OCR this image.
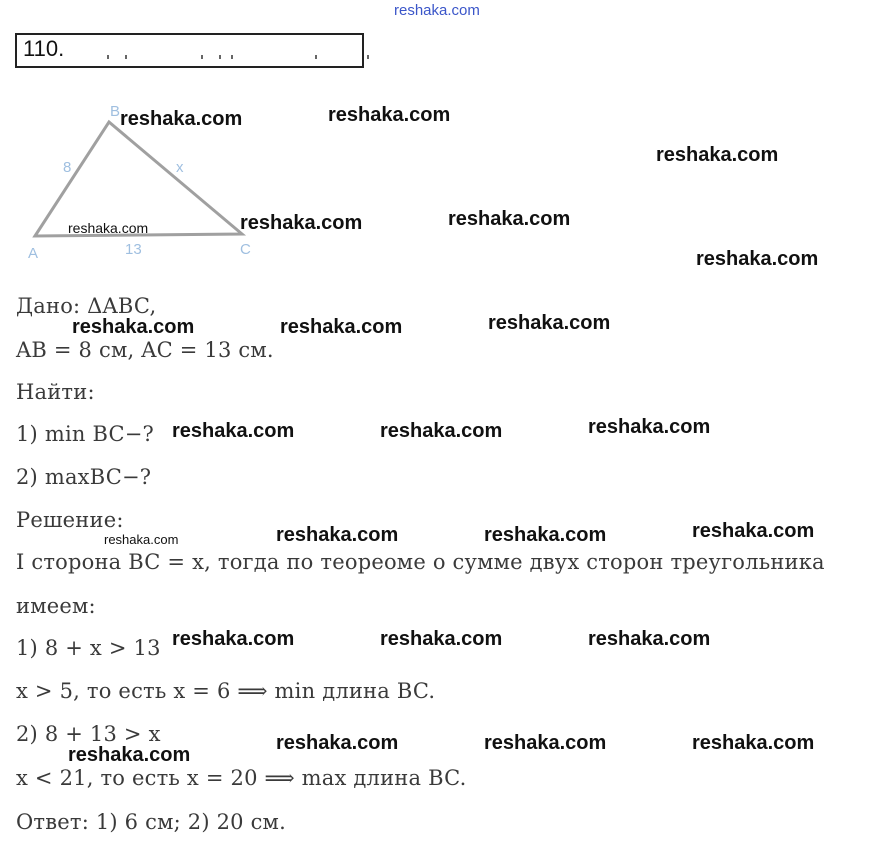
reshaka.com
110.
A
B
C
8	x
13
reshaka.com
Дано: ΔABC,
AB = 8 см, AC = 13 см.
Найти:
1) min BC−?
2) maxBC−?
Решение:
I сторона BC = x, тогда по теореоме о сумме двух сторон треугольника
имеем:
1) 8 + x > 13
x > 5, то есть x = 6 ⟹ min длина BC.
2) 8 + 13 > x
x < 21, то есть x = 20 ⟹ max длина BC.
Ответ: 1) 6 см; 2) 20 см.
reshaka.com	reshaka.com
reshaka.com
reshaka.com	reshaka.com
reshaka.com
reshaka.com	reshaka.com	reshaka.com
reshaka.com	reshaka.com	reshaka.com
reshaka.com	reshaka.com	reshaka.com	reshaka.com
reshaka.com	reshaka.com	reshaka.com
reshaka.com
reshaka.com	reshaka.com	reshaka.com
